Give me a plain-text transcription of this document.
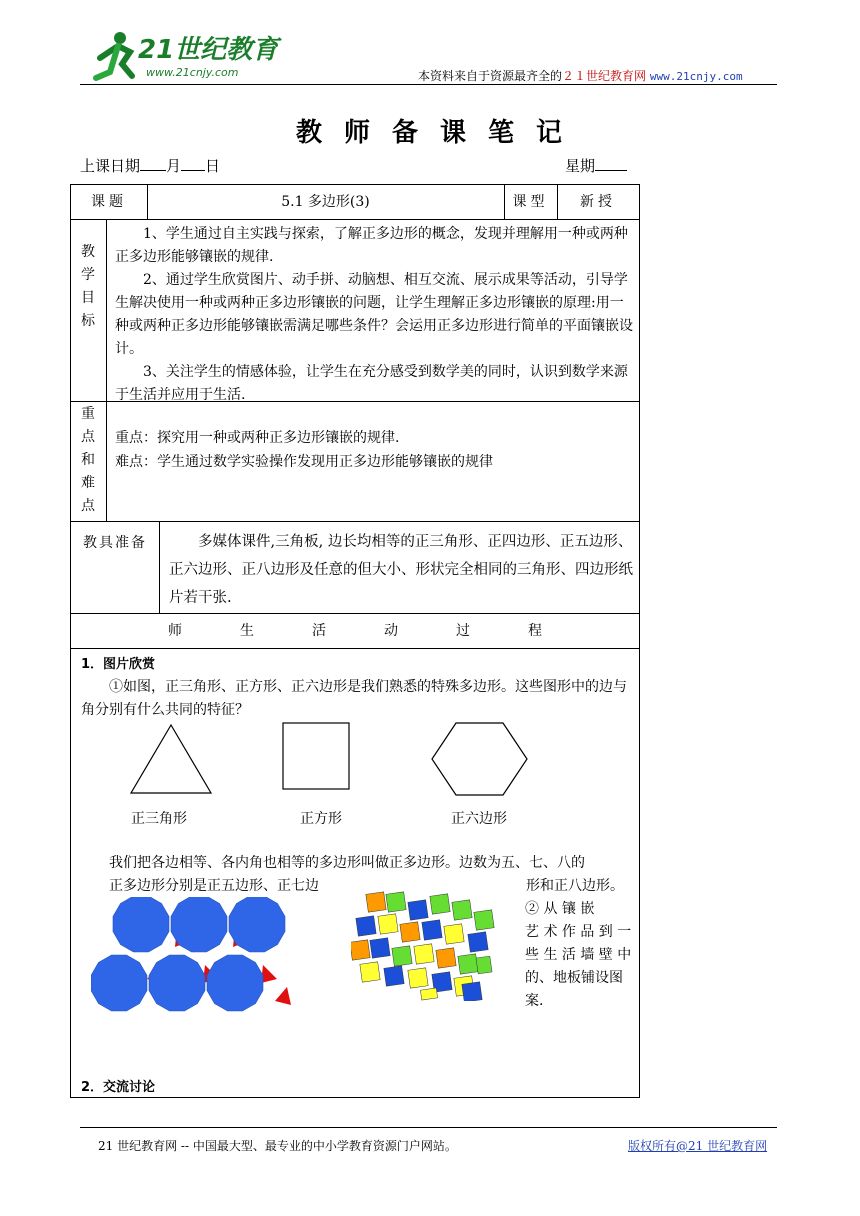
21世纪教育
www.21cnjy.com	本资料来自于资源最齐全的２１世纪教育网 www.21cnjy.com
教师备课笔记
上课日期 月 日	星期
课题	5.1 多边形(3)	课型	新授
教
学
目
标

1、学生通过自主实践与探索，了解正多边形的概念，发现并理解用一种或两种正多边形能够镶嵌的规律.

2、通过学生欣赏图片、动手拼、动脑想、相互交流、展示成果等活动，引导学生解决使用一种或两种正多边形镶嵌的问题，让学生理解正多边形镶嵌的原理:用一种或两种正多边形能够镶嵌需满足哪些条件？会运用正多边形进行简单的平面镶嵌设计。

3、关注学生的情感体验，让学生在充分感受到数学美的同时，认识到数学来源于生活并应用于生活.

重
点
和
难
点
重点：探究用一种或两种正多边形镶嵌的规律.
难点：学生通过数学实验操作发现用正多边形能够镶嵌的规律
教具准备	多媒体课件,三角板, 边长均相等的正三角形、正四边形、正五边形、正六边形、正八边形及任意的但大小、形状完全相同的三角形、四边形纸片若干张.

师	生	活	动	过	程
1．图片欣赏

①如图，正三角形、正方形、正六边形是我们熟悉的特殊多边形。这些图形中的边与角分别有什么共同的特征？

正三角形	正方形	正六边形
我们把各边相等、各内角也相等的多边形叫做正多边形。边数为五、七、八的
正多边形分别是正五边形、正七边	形和正八边形。
② 从 镶 嵌
艺 术 作 品 到 一
些 生 活 墙 壁 中
的、地板铺设图
案.
2．交流讨论
21 世纪教育网 -- 中国最大型、最专业的中小学教育资源门户网站。	版权所有@21 世纪教育网
